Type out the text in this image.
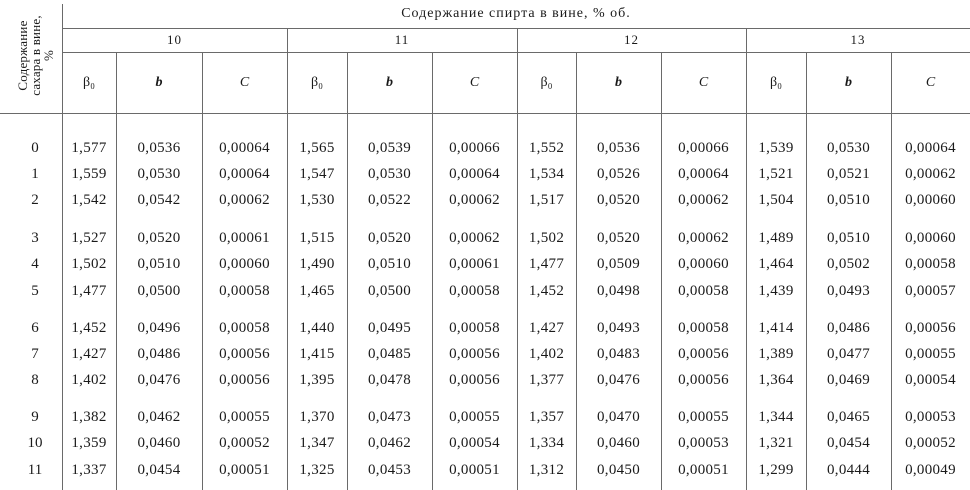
Содержание
сахара в вине,
%
Содержание спирта в вине, % об.
10	11	12	13
β₀	b	C	β₀	b	C	β₀	b	C	β₀	b	C
0	1,577	0,0536	0,00064	1,565	0,0539	0,00066	1,552	0,0536	0,00066	1,539	0,0530	0,00064
1	1,559	0,0530	0,00064	1,547	0,0530	0,00064	1,534	0,0526	0,00064	1,521	0,0521	0,00062
2	1,542	0,0542	0,00062	1,530	0,0522	0,00062	1,517	0,0520	0,00062	1,504	0,0510	0,00060
3	1,527	0,0520	0,00061	1,515	0,0520	0,00062	1,502	0,0520	0,00062	1,489	0,0510	0,00060
4	1,502	0,0510	0,00060	1,490	0,0510	0,00061	1,477	0,0509	0,00060	1,464	0,0502	0,00058
5	1,477	0,0500	0,00058	1,465	0,0500	0,00058	1,452	0,0498	0,00058	1,439	0,0493	0,00057
6	1,452	0,0496	0,00058	1,440	0,0495	0,00058	1,427	0,0493	0,00058	1,414	0,0486	0,00056
7	1,427	0,0486	0,00056	1,415	0,0485	0,00056	1,402	0,0483	0,00056	1,389	0,0477	0,00055
8	1,402	0,0476	0,00056	1,395	0,0478	0,00056	1,377	0,0476	0,00056	1,364	0,0469	0,00054
9	1,382	0,0462	0,00055	1,370	0,0473	0,00055	1,357	0,0470	0,00055	1,344	0,0465	0,00053
10	1,359	0,0460	0,00052	1,347	0,0462	0,00054	1,334	0,0460	0,00053	1,321	0,0454	0,00052
11	1,337	0,0454	0,00051	1,325	0,0453	0,00051	1,312	0,0450	0,00051	1,299	0,0444	0,00049
